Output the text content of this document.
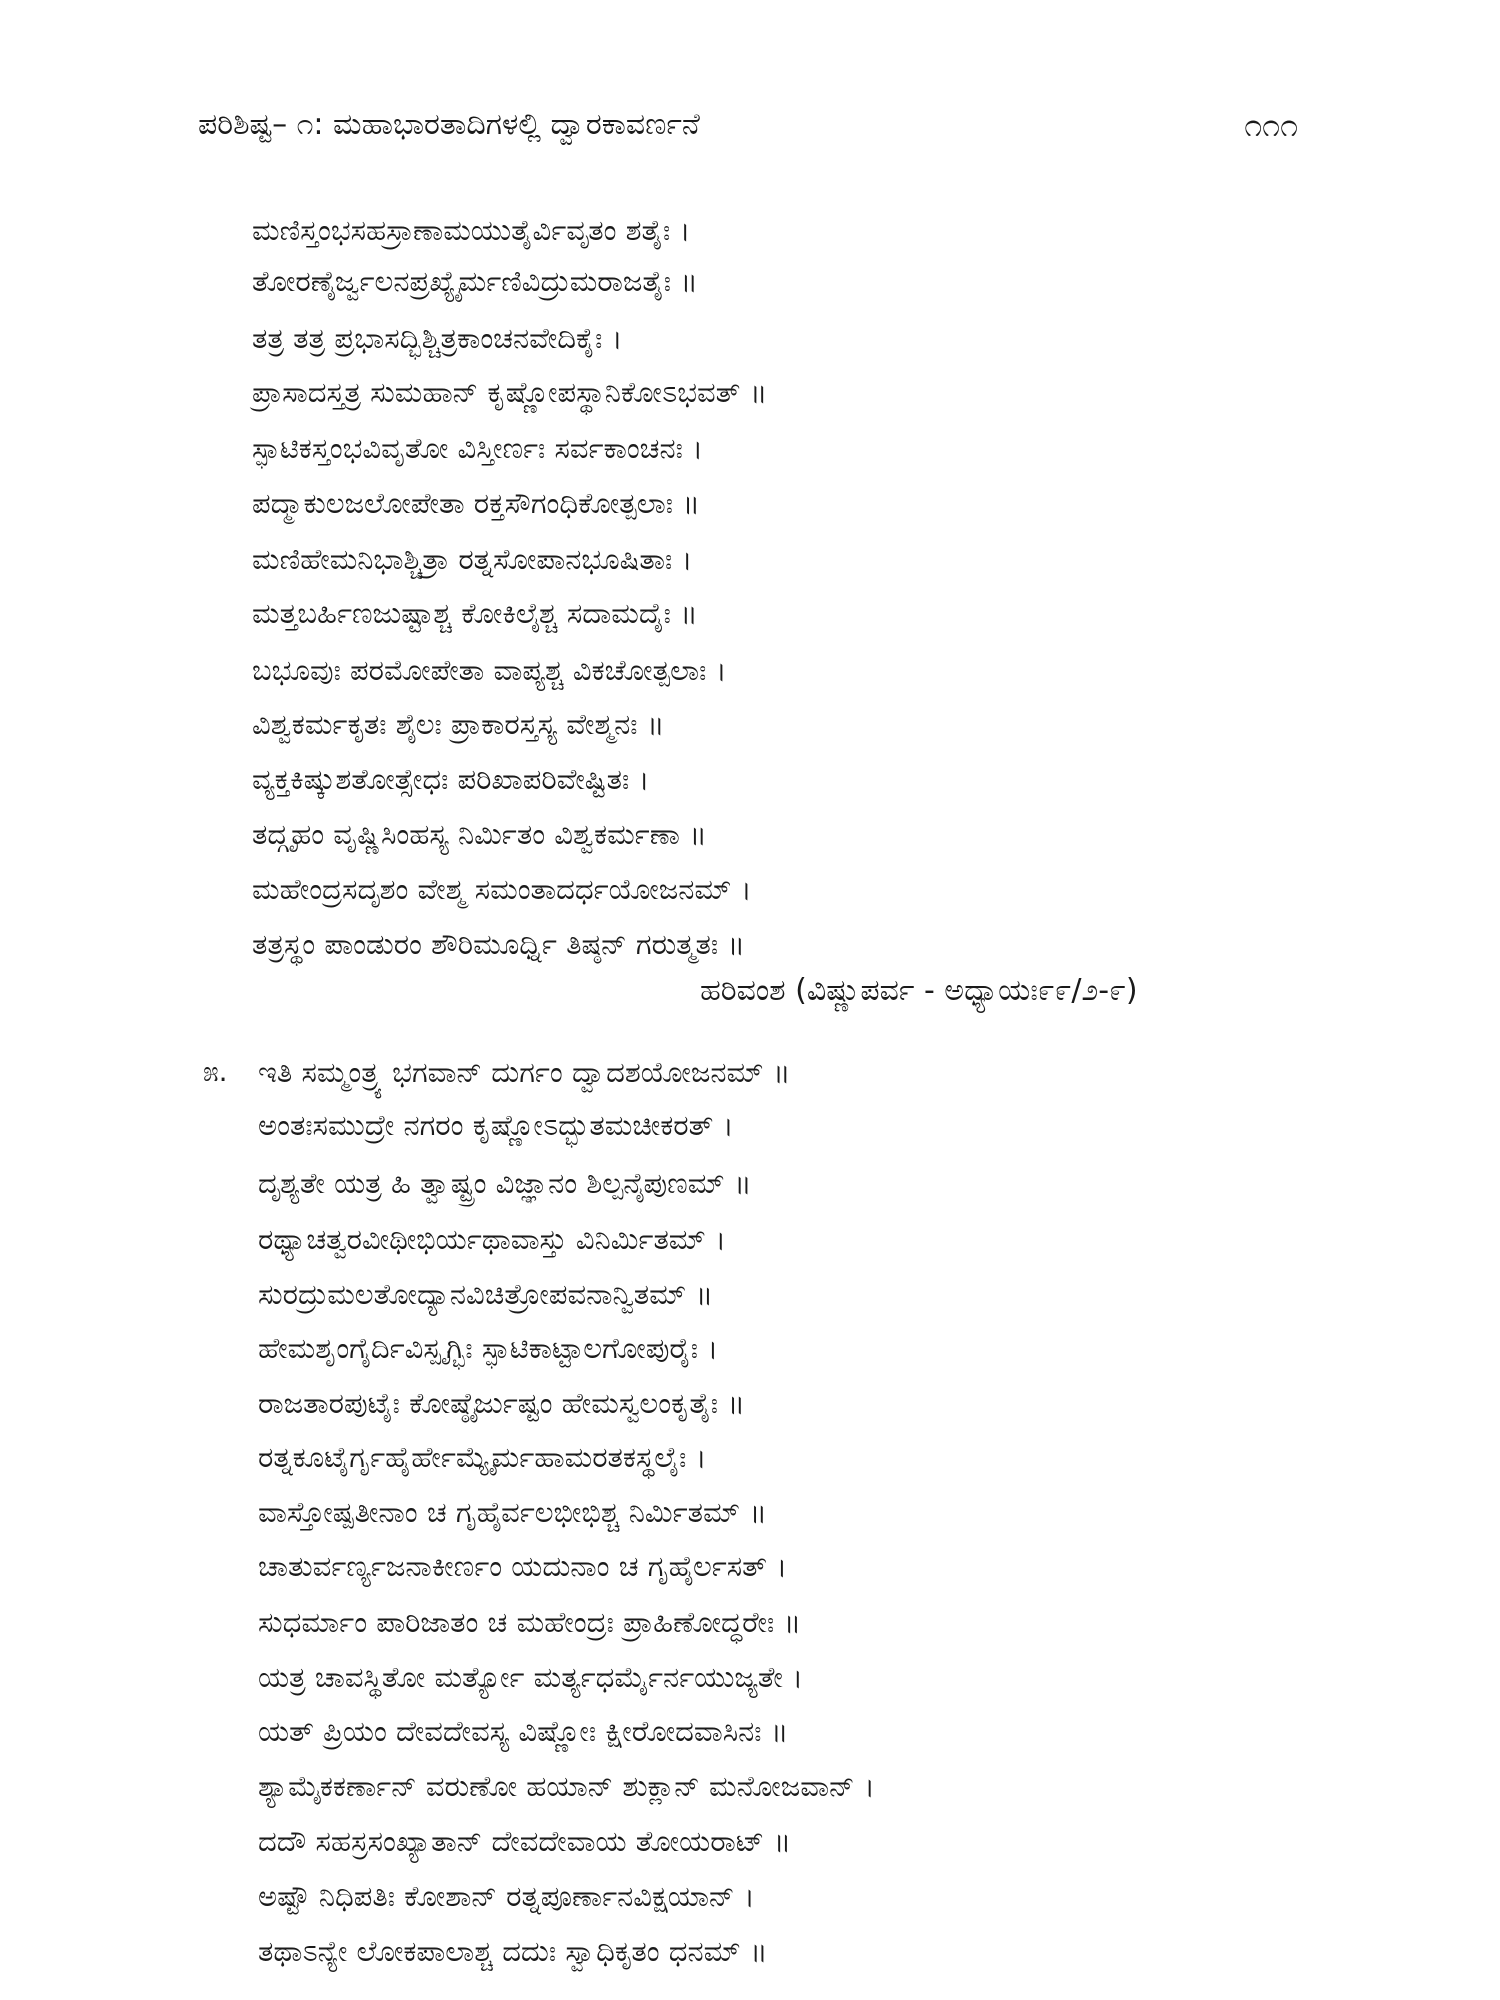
ಪರಿಶಿಷ್ಟ– ೧: ಮಹಾಭಾರತಾದಿಗಳಲ್ಲಿ ದ್ವಾರಕಾವರ್ಣನೆ	೧೧೧
ಮಣಿಸ್ತಂಭಸಹಸ್ರಾಣಾಮಯುತೈರ್ವಿವೃತಂ ಶತೈಃ ।
ತೋರಣೈರ್ಜ್ವಲನಪ್ರಖ್ಯೈರ್ಮಣಿವಿದ್ರುಮರಾಜತೈಃ ॥
ತತ್ರ ತತ್ರ ಪ್ರಭಾಸದ್ಭಿಶ್ಚಿತ್ರಕಾಂಚನವೇದಿಕೈಃ ।
ಪ್ರಾಸಾದಸ್ತತ್ರ ಸುಮಹಾನ್ ಕೃಷ್ಣೋಪಸ್ಥಾನಿಕೋಽಭವತ್ ॥
ಸ್ಫಾಟಿಕಸ್ತಂಭವಿವೃತೋ ವಿಸ್ತೀರ್ಣಃ ಸರ್ವಕಾಂಚನಃ ।
ಪದ್ಮಾಕುಲಜಲೋಪೇತಾ ರಕ್ತಸೌಗಂಧಿಕೋತ್ಪಲಾಃ ॥
ಮಣಿಹೇಮನಿಭಾಶ್ಚಿತ್ರಾ ರತ್ನಸೋಪಾನಭೂಷಿತಾಃ ।
ಮತ್ತಬರ್ಹಿಣಜುಷ್ಟಾಶ್ಚ ಕೋಕಿಲೈಶ್ಚ ಸದಾಮದೈಃ ॥
ಬಭೂವುಃ ಪರಮೋಪೇತಾ ವಾಪ್ಯಶ್ಚ ವಿಕಚೋತ್ಪಲಾಃ ।
ವಿಶ್ವಕರ್ಮಕೃತಃ ಶೈಲಃ ಪ್ರಾಕಾರಸ್ತಸ್ಯ ವೇಶ್ಮನಃ ॥
ವ್ಯಕ್ತಕಿಷ್ಕುಶತೋತ್ಸೇಧಃ ಪರಿಖಾಪರಿವೇಷ್ಟಿತಃ ।
ತದ್ಗೃಹಂ ವೃಷ್ಣಿಸಿಂಹಸ್ಯ ನಿರ್ಮಿತಂ ವಿಶ್ವಕರ್ಮಣಾ ॥
ಮಹೇಂದ್ರಸದೃಶಂ ವೇಶ್ಮ ಸಮಂತಾದರ್ಧಯೋಜನಮ್ ।
ತತ್ರಸ್ಥಂ ಪಾಂಡುರಂ ಶೌರಿಮೂರ್ಧ್ನಿ ತಿಷ್ಠನ್ ಗರುತ್ಮತಃ ॥
ಹರಿವಂಶ (ವಿಷ್ಣುಪರ್ವ - ಅಧ್ಯಾಯಃ೯೯/೨-೯)
೫. ಇತಿ ಸಮ್ಮಂತ್ರ್ಯ ಭಗವಾನ್ ದುರ್ಗಂ ದ್ವಾದಶಯೋಜನಮ್ ॥
ಅಂತಃಸಮುದ್ರೇ ನಗರಂ ಕೃಷ್ಣೋಽದ್ಭುತಮಚೀಕರತ್ ।
ದೃಶ್ಯತೇ ಯತ್ರ ಹಿ ತ್ವಾಷ್ಟ್ರಂ ವಿಜ್ಞಾನಂ ಶಿಲ್ಪನೈಪುಣಮ್ ॥
ರಥ್ಯಾಚತ್ವರವೀಥೀಭಿರ್ಯಥಾವಾಸ್ತು ವಿನಿರ್ಮಿತಮ್ ।
ಸುರದ್ರುಮಲತೋದ್ಯಾನವಿಚಿತ್ರೋಪವನಾನ್ವಿತಮ್ ॥
ಹೇಮಶೃಂಗೈರ್ದಿವಿಸ್ಪೃಗ್ಭಿಃ ಸ್ಫಾಟಿಕಾಟ್ಟಾಲಗೋಪುರೈಃ ।
ರಾಜತಾರಪುಟೈಃ ಕೋಷ್ಠೈರ್ಜುಷ್ಟಂ ಹೇಮಸ್ವಲಂಕೃತೈಃ ॥
ರತ್ನಕೂಟೈರ್ಗೃಹೈರ್ಹೇಮ್ಯೈರ್ಮಹಾಮರತಕಸ್ಥಲೈಃ ।
ವಾಸ್ತೋಷ್ಪತೀನಾಂ ಚ ಗೃಹೈರ್ವಲಭೀಭಿಶ್ಚ ನಿರ್ಮಿತಮ್ ॥
ಚಾತುರ್ವರ್ಣ್ಯಜನಾಕೀರ್ಣಂ ಯದುನಾಂ ಚ ಗೃಹೈರ್ಲಸತ್ ।
ಸುಧರ್ಮಾಂ ಪಾರಿಜಾತಂ ಚ ಮಹೇಂದ್ರಃ ಪ್ರಾಹಿಣೋದ್ಧರೇಃ ॥
ಯತ್ರ ಚಾವಸ್ಥಿತೋ ಮರ್ತ್ಯೋ ಮರ್ತ್ಯಧರ್ಮೈರ್ನಯುಜ್ಯತೇ ।
ಯತ್ ಪ್ರಿಯಂ ದೇವದೇವಸ್ಯ ವಿಷ್ಣೋಃ ಕ್ಷೀರೋದವಾಸಿನಃ ॥
ಶ್ಯಾಮೈಕಕರ್ಣಾನ್ ವರುಣೋ ಹಯಾನ್ ಶುಕ್ಲಾನ್ ಮನೋಜವಾನ್ ।
ದದೌ ಸಹಸ್ರಸಂಖ್ಯಾತಾನ್ ದೇವದೇವಾಯ ತೋಯರಾಟ್ ॥
ಅಷ್ಟೌ ನಿಧಿಪತಿಃ ಕೋಶಾನ್ ರತ್ನಪೂರ್ಣಾನವಿಕ್ಷಯಾನ್ ।
ತಥಾಽನ್ಯೇ ಲೋಕಪಾಲಾಶ್ಚ ದದುಃ ಸ್ವಾಧಿಕೃತಂ ಧನಮ್ ॥
